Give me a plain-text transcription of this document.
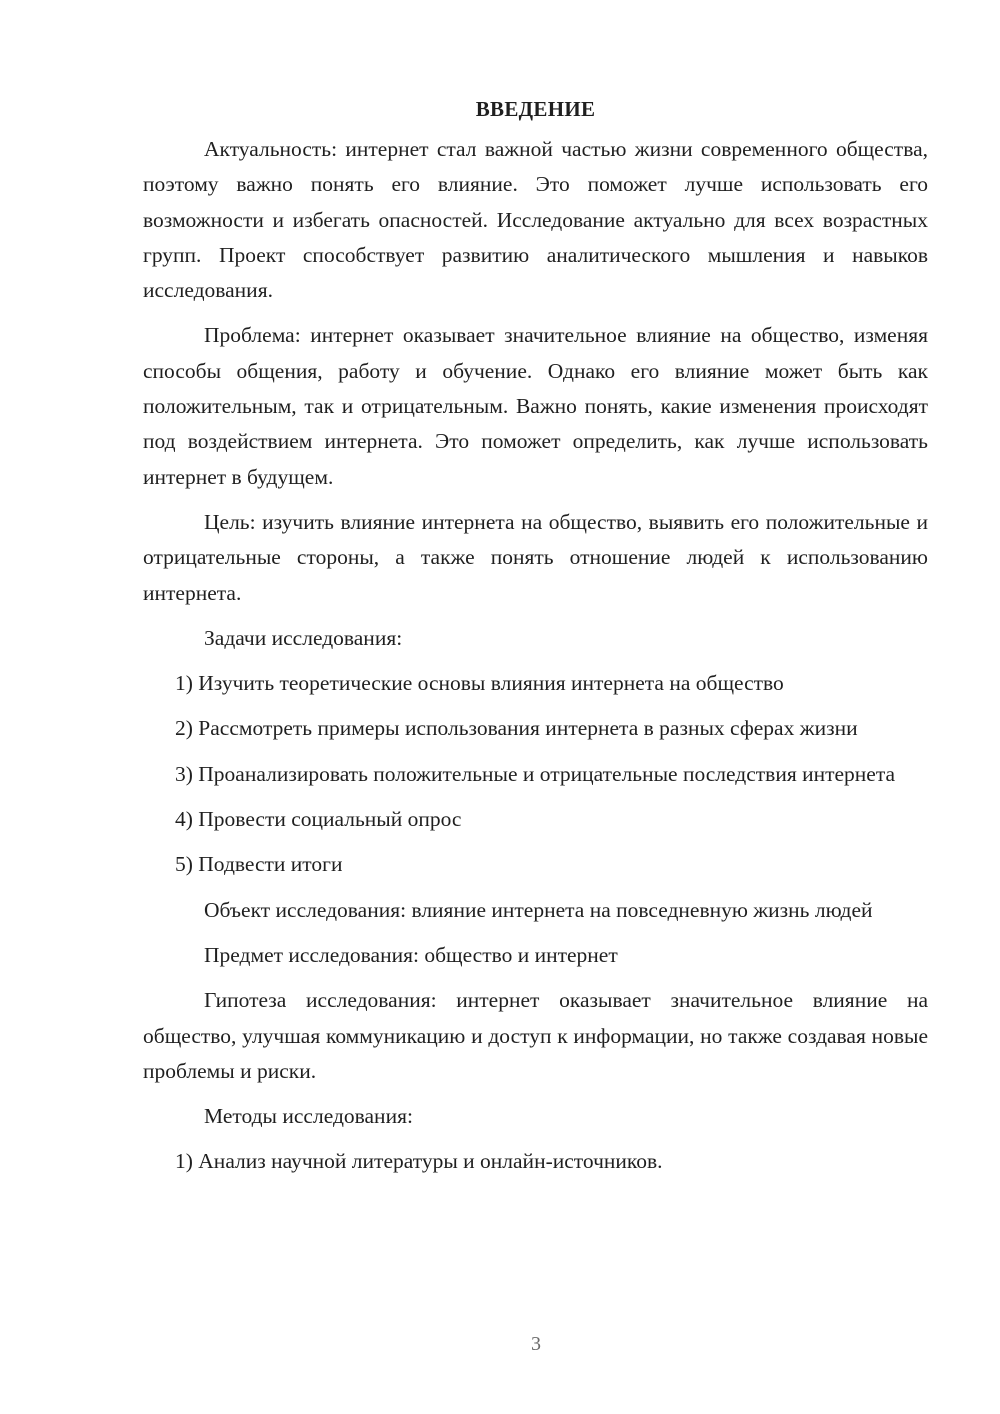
ВВЕДЕНИЕ

Актуальность: интернет стал важной частью жизни современного общества, поэтому важно понять его влияние. Это поможет лучше использовать его возможности и избегать опасностей. Исследование актуально для всех возрастных групп. Проект способствует развитию аналитического мышления и навыков исследования.

Проблема: интернет оказывает значительное влияние на общество, изменяя способы общения, работу и обучение. Однако его влияние может быть как положительным, так и отрицательным. Важно понять, какие изменения происходят под воздействием интернета. Это поможет определить, как лучше использовать интернет в будущем.

Цель: изучить влияние интернета на общество, выявить его положительные и отрицательные стороны, а также понять отношение людей к использованию интернета.

Задачи исследования:

1) Изучить теоретические основы влияния интернета на общество

2) Рассмотреть примеры использования интернета в разных сферах жизни

3) Проанализировать положительные и отрицательные последствия интернета

4) Провести социальный опрос

5) Подвести итоги

Объект исследования: влияние интернета на повседневную жизнь людей

Предмет исследования: общество и интернет

Гипотеза исследования: интернет оказывает значительное влияние на общество, улучшая коммуникацию и доступ к информации, но также создавая новые проблемы и риски.

Методы исследования:

1) Анализ научной литературы и онлайн-источников.

3
